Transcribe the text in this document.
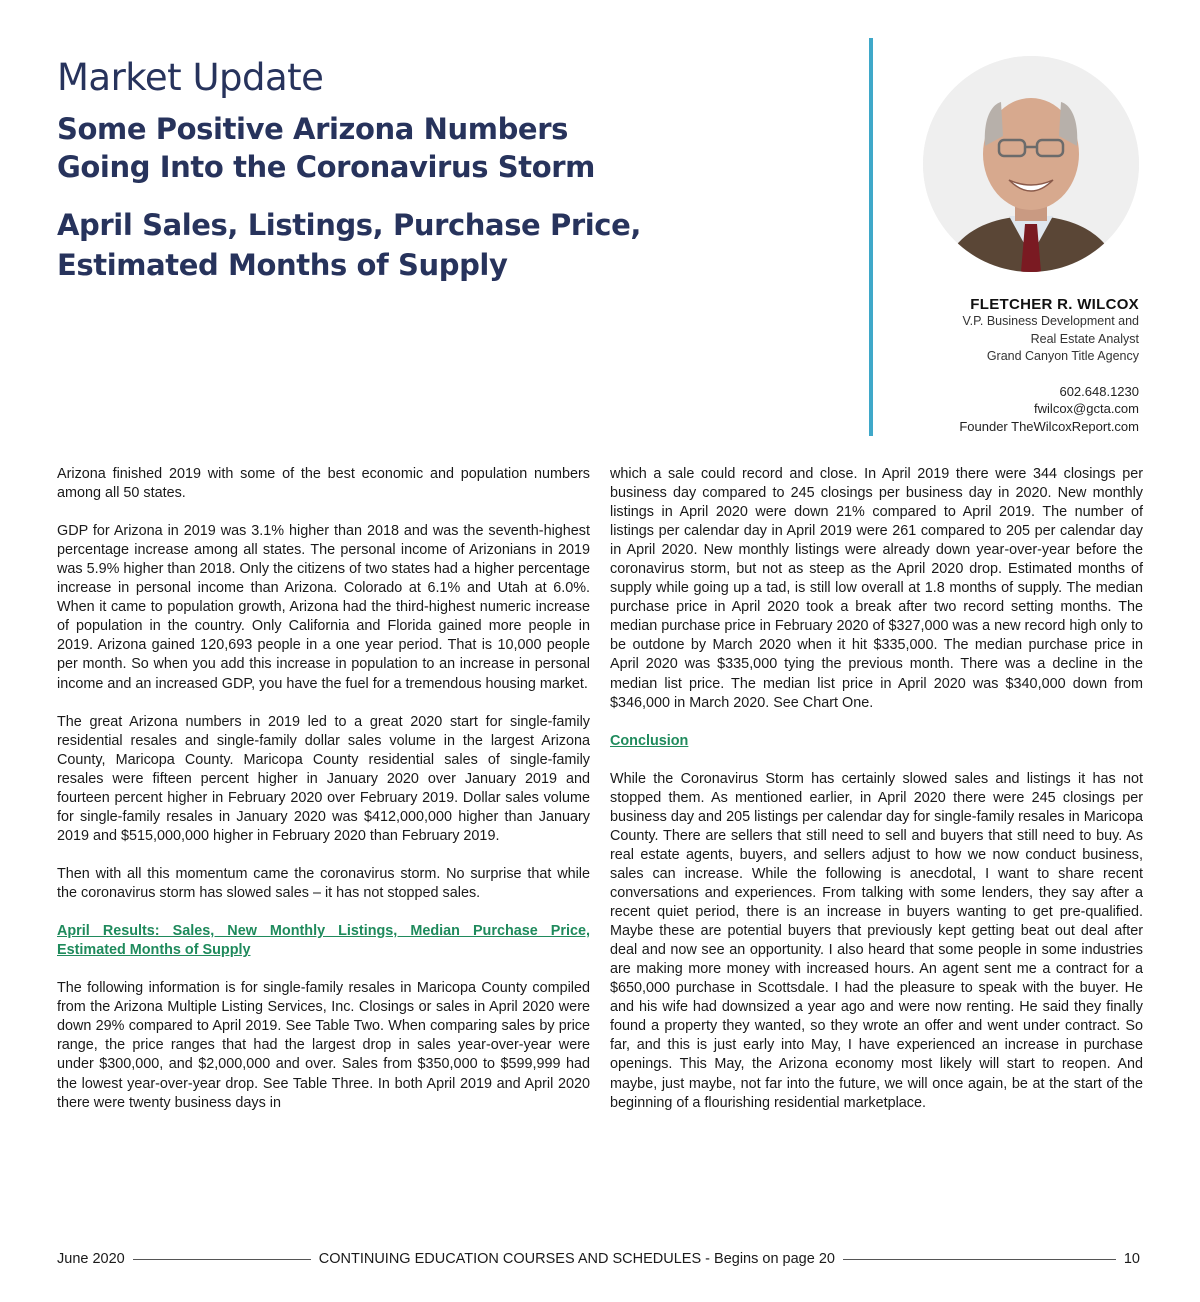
Market Update
Some Positive Arizona Numbers Going Into the Coronavirus Storm
April Sales, Listings, Purchase Price, Estimated Months of Supply
FLETCHER R. WILCOX
V.P. Business Development and
Real Estate Analyst
Grand Canyon Title Agency
602.648.1230
fwilcox@gcta.com
Founder TheWilcoxReport.com

Arizona finished 2019 with some of the best economic and population numbers among all 50 states.

GDP for Arizona in 2019 was 3.1% higher than 2018 and was the seventh-highest percentage increase among all states. The personal income of Arizonians in 2019 was 5.9% higher than 2018. Only the citizens of two states had a higher percentage increase in personal income than Arizona. Colorado at 6.1% and Utah at 6.0%. When it came to population growth, Arizona had the third-highest numeric increase of population in the country. Only California and Florida gained more people in 2019. Arizona gained 120,693 people in a one year period. That is 10,000 people per month. So when you add this increase in population to an increase in personal income and an increased GDP, you have the fuel for a tremendous housing market.

The great Arizona numbers in 2019 led to a great 2020 start for single-family residential resales and single-family dollar sales volume in the largest Arizona County, Maricopa County. Maricopa County residential sales of single-family resales were fifteen percent higher in January 2020 over January 2019 and fourteen percent higher in February 2020 over February 2019. Dollar sales volume for single-family resales in January 2020 was $412,000,000 higher than January 2019 and $515,000,000 higher in February 2020 than February 2019.

Then with all this momentum came the coronavirus storm. No surprise that while the coronavirus storm has slowed sales – it has not stopped sales.

April Results: Sales, New Monthly Listings, Median Purchase Price, Estimated Months of Supply

The following information is for single-family resales in Maricopa County compiled from the Arizona Multiple Listing Services, Inc. Closings or sales in April 2020 were down 29% compared to April 2019. See Table Two. When comparing sales by price range, the price ranges that had the largest drop in sales year-over-year were under $300,000, and $2,000,000 and over. Sales from $350,000 to $599,999 had the lowest year-over-year drop. See Table Three. In both April 2019 and April 2020 there were twenty business days in

which a sale could record and close. In April 2019 there were 344 closings per business day compared to 245 closings per business day in 2020. New monthly listings in April 2020 were down 21% compared to April 2019. The number of listings per calendar day in April 2019 were 261 compared to 205 per calendar day in April 2020. New monthly listings were already down year-over-year before the coronavirus storm, but not as steep as the April 2020 drop. Estimated months of supply while going up a tad, is still low overall at 1.8 months of supply. The median purchase price in April 2020 took a break after two record setting months. The median purchase price in February 2020 of $327,000 was a new record high only to be outdone by March 2020 when it hit $335,000. The median purchase price in April 2020 was $335,000 tying the previous month. There was a decline in the median list price. The median list price in April 2020 was $340,000 down from $346,000 in March 2020. See Chart One.

Conclusion

While the Coronavirus Storm has certainly slowed sales and listings it has not stopped them. As mentioned earlier, in April 2020 there were 245 closings per business day and 205 listings per calendar day for single-family resales in Maricopa County. There are sellers that still need to sell and buyers that still need to buy. As real estate agents, buyers, and sellers adjust to how we now conduct business, sales can increase. While the following is anecdotal, I want to share recent conversations and experiences. From talking with some lenders, they say after a recent quiet period, there is an increase in buyers wanting to get pre-qualified. Maybe these are potential buyers that previously kept getting beat out deal after deal and now see an opportunity. I also heard that some people in some industries are making more money with increased hours. An agent sent me a contract for a $650,000 purchase in Scottsdale. I had the pleasure to speak with the buyer. He and his wife had downsized a year ago and were now renting. He said they finally found a property they wanted, so they wrote an offer and went under contract. So far, and this is just early into May, I have experienced an increase in purchase openings. This May, the Arizona economy most likely will start to reopen. And maybe, just maybe, not far into the future, we will once again, be at the start of the beginning of a flourishing residential marketplace.

June 2020	CONTINUING EDUCATION COURSES AND SCHEDULES - Begins on page 20	10
